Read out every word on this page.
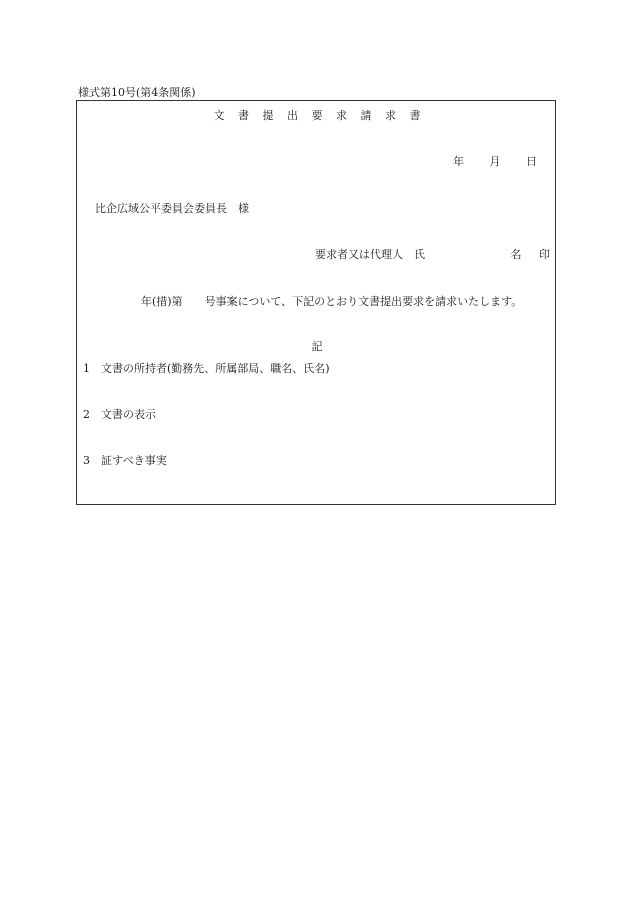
様式第10号(第4条関係)
文 書 提 出 要 求 請 求 書
年 月 日
比企広域公平委員会委員長　様
要求者又は代理人　氏	名 印
年(措)第 号事案について、下記のとおり文書提出要求を請求いたします。
記
1 文書の所持者(勤務先、所属部局、職名、氏名)
2 文書の表示
3 証すべき事実
